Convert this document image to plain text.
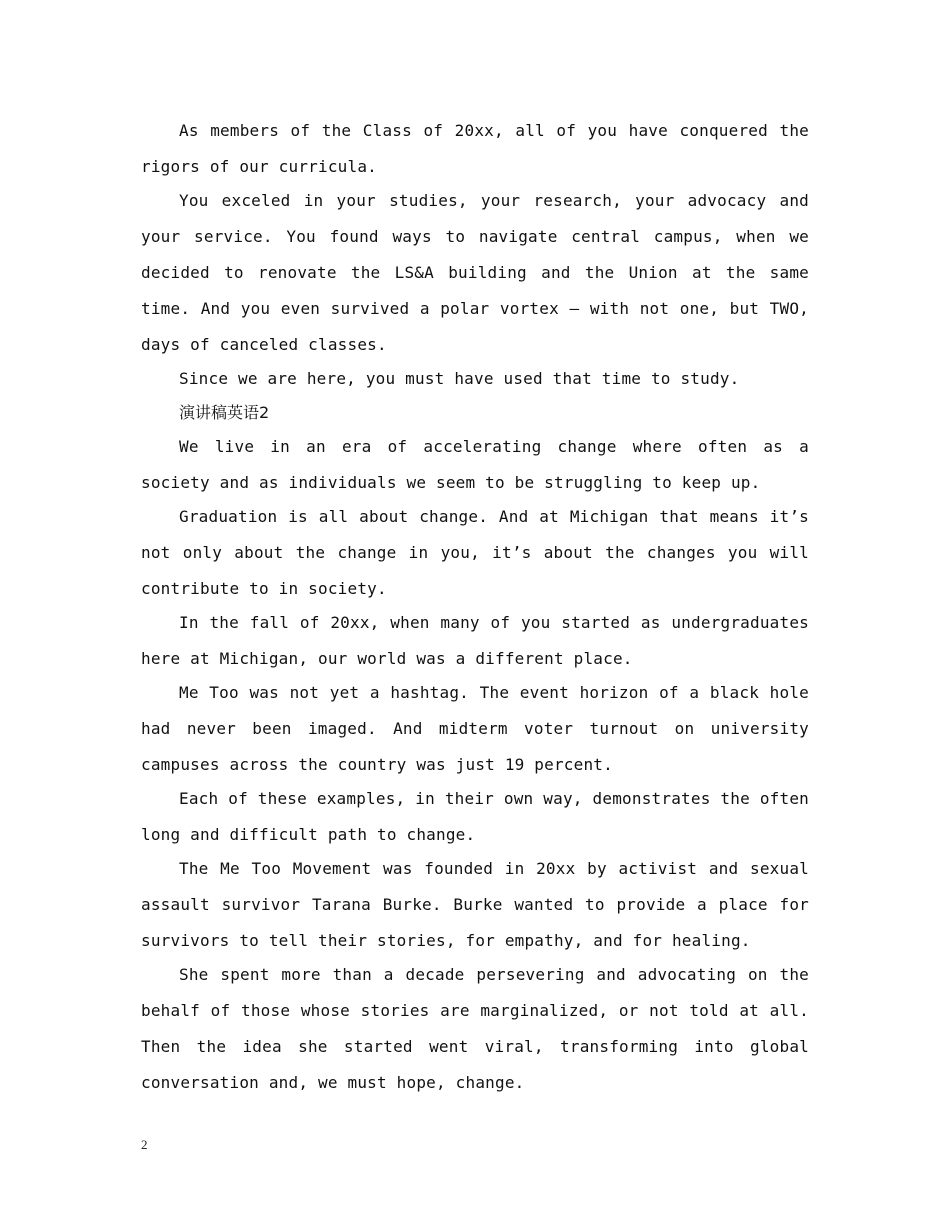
As members of the Class of 20xx, all of you have conquered the rigors of our curricula.

You exceled in your studies, your research, your advocacy and your service. You found ways to navigate central campus, when we decided to renovate the LS&A building and the Union at the same time. And you even survived a polar vortex – with not one, but TWO, days of canceled classes.

Since we are here, you must have used that time to study.

演讲稿英语2

We live in an era of accelerating change where often as a society and as individuals we seem to be struggling to keep up.

Graduation is all about change. And at Michigan that means it’s not only about the change in you, it’s about the changes you will contribute to in society.

In the fall of 20xx, when many of you started as undergraduates here at Michigan, our world was a different place.

Me Too was not yet a hashtag. The event horizon of a black hole had never been imaged. And midterm voter turnout on university campuses across the country was just 19 percent.

Each of these examples, in their own way, demonstrates the often long and difficult path to change.

The Me Too Movement was founded in 20xx by activist and sexual assault survivor Tarana Burke. Burke wanted to provide a place for survivors to tell their stories, for empathy, and for healing.

She spent more than a decade persevering and advocating on the behalf of those whose stories are marginalized, or not told at all. Then the idea she started went viral, transforming into global conversation and, we must hope, change.

2
